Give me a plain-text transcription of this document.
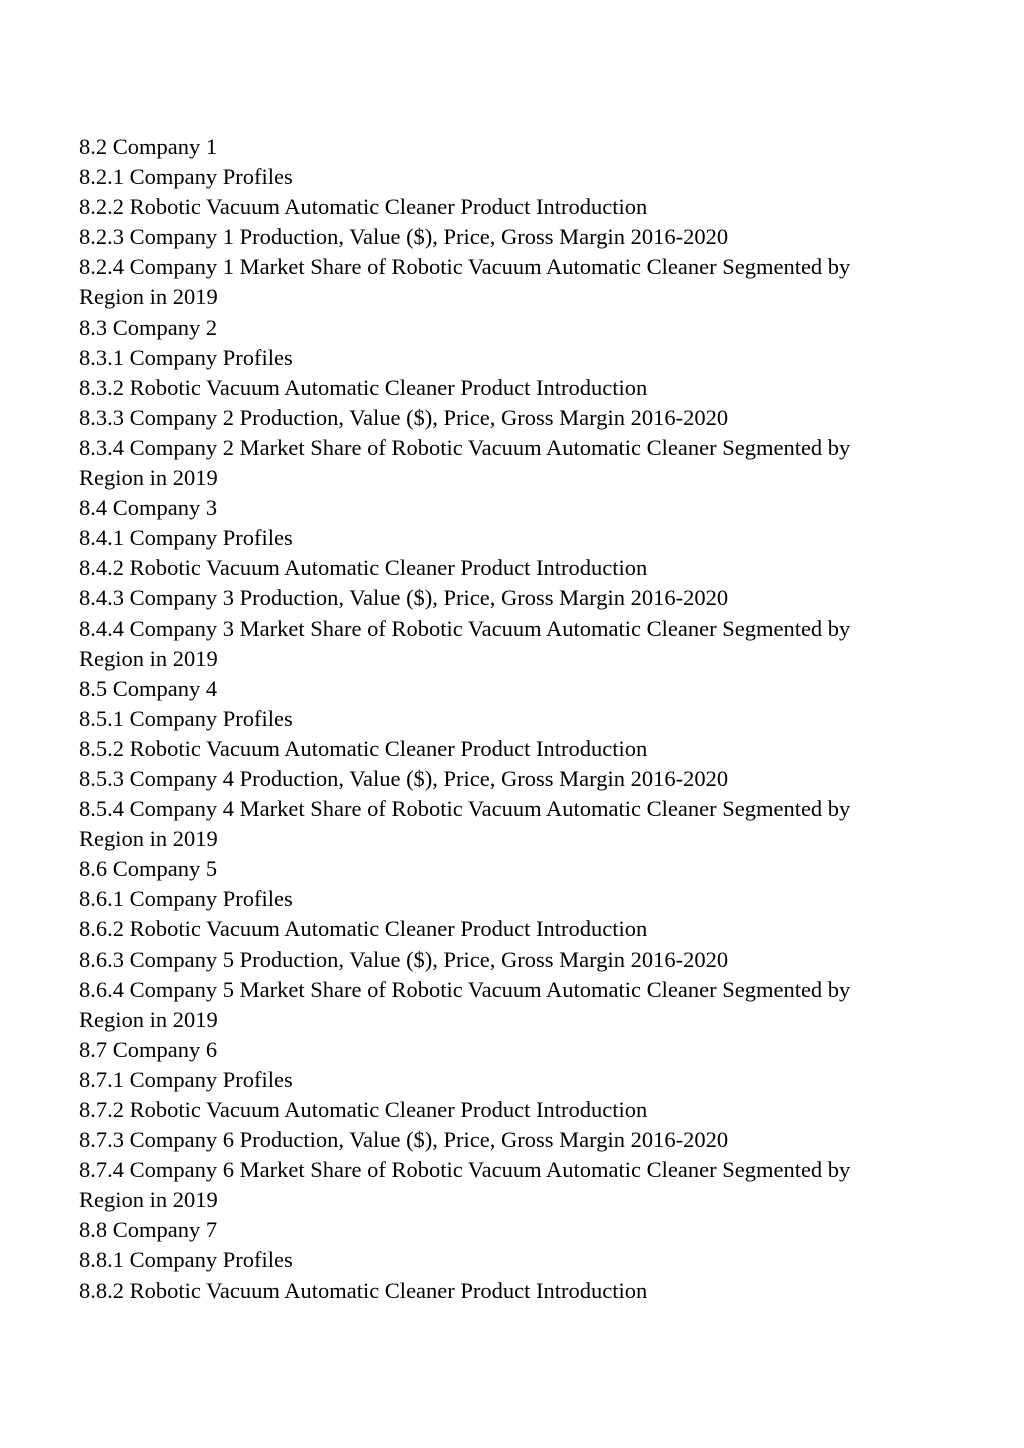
8.2 Company 1
8.2.1 Company Profiles
8.2.2 Robotic Vacuum Automatic Cleaner Product Introduction
8.2.3 Company 1 Production, Value ($), Price, Gross Margin 2016-2020
8.2.4 Company 1 Market Share of Robotic Vacuum Automatic Cleaner Segmented by
Region in 2019
8.3 Company 2
8.3.1 Company Profiles
8.3.2 Robotic Vacuum Automatic Cleaner Product Introduction
8.3.3 Company 2 Production, Value ($), Price, Gross Margin 2016-2020
8.3.4 Company 2 Market Share of Robotic Vacuum Automatic Cleaner Segmented by
Region in 2019
8.4 Company 3
8.4.1 Company Profiles
8.4.2 Robotic Vacuum Automatic Cleaner Product Introduction
8.4.3 Company 3 Production, Value ($), Price, Gross Margin 2016-2020
8.4.4 Company 3 Market Share of Robotic Vacuum Automatic Cleaner Segmented by
Region in 2019
8.5 Company 4
8.5.1 Company Profiles
8.5.2 Robotic Vacuum Automatic Cleaner Product Introduction
8.5.3 Company 4 Production, Value ($), Price, Gross Margin 2016-2020
8.5.4 Company 4 Market Share of Robotic Vacuum Automatic Cleaner Segmented by
Region in 2019
8.6 Company 5
8.6.1 Company Profiles
8.6.2 Robotic Vacuum Automatic Cleaner Product Introduction
8.6.3 Company 5 Production, Value ($), Price, Gross Margin 2016-2020
8.6.4 Company 5 Market Share of Robotic Vacuum Automatic Cleaner Segmented by
Region in 2019
8.7 Company 6
8.7.1 Company Profiles
8.7.2 Robotic Vacuum Automatic Cleaner Product Introduction
8.7.3 Company 6 Production, Value ($), Price, Gross Margin 2016-2020
8.7.4 Company 6 Market Share of Robotic Vacuum Automatic Cleaner Segmented by
Region in 2019
8.8 Company 7
8.8.1 Company Profiles
8.8.2 Robotic Vacuum Automatic Cleaner Product Introduction
